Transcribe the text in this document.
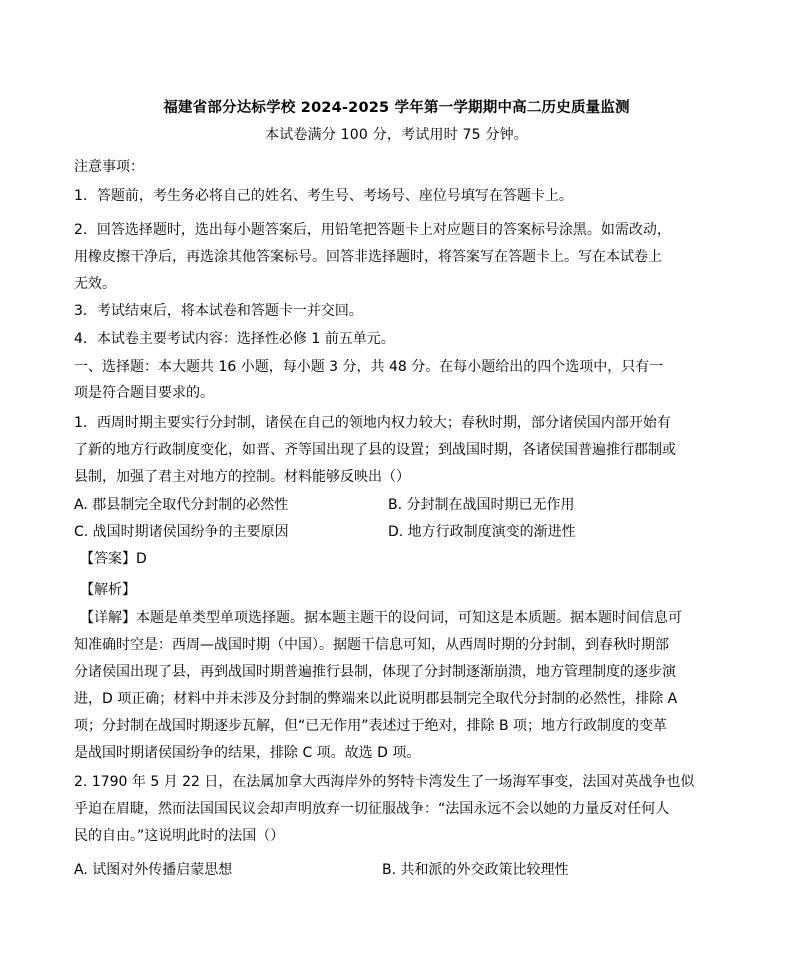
福建省部分达标学校 2024-2025 学年第一学期期中高二历史质量监测
本试卷满分 100 分，考试用时 75 分钟。
注意事项：
1．答题前，考生务必将自己的姓名、考生号、考场号、座位号填写在答题卡上。
2．回答选择题时，选出每小题答案后，用铅笔把答题卡上对应题目的答案标号涂黑。如需改动，
用橡皮擦干净后，再选涂其他答案标号。回答非选择题时，将答案写在答题卡上。写在本试卷上
无效。
3．考试结束后，将本试卷和答题卡一并交回。
4．本试卷主要考试内容：选择性必修 1 前五单元。
一、选择题：本大题共 16 小题，每小题 3 分，共 48 分。在每小题给出的四个选项中，只有一
项是符合题目要求的。
1．西周时期主要实行分封制，诸侯在自己的领地内权力较大；春秋时期，部分诸侯国内部开始有
了新的地方行政制度变化，如晋、齐等国出现了县的设置；到战国时期，各诸侯国普遍推行郡制或
县制，加强了君主对地方的控制。材料能够反映出（）
A. 郡县制完全取代分封制的必然性	B. 分封制在战国时期已无作用
C. 战国时期诸侯国纷争的主要原因	D. 地方行政制度演变的渐进性
【答案】D
【解析】
【详解】本题是单类型单项选择题。据本题主题干的设问词，可知这是本质题。据本题时间信息可
知准确时空是：西周—战国时期（中国）。据题干信息可知，从西周时期的分封制，到春秋时期部
分诸侯国出现了县，再到战国时期普遍推行县制，体现了分封制逐渐崩溃，地方管理制度的逐步演
进，D 项正确；材料中并未涉及分封制的弊端来以此说明郡县制完全取代分封制的必然性，排除 A
项；分封制在战国时期逐步瓦解，但“已无作用”表述过于绝对，排除 B 项；地方行政制度的变革
是战国时期诸侯国纷争的结果，排除 C 项。故选 D 项。
2. 1790 年 5 月 22 日，在法属加拿大西海岸外的努特卡湾发生了一场海军事变，法国对英战争也似
乎迫在眉睫，然而法国国民议会却声明放弃一切征服战争：“法国永远不会以她的力量反对任何人
民的自由。”这说明此时的法国（）
A. 试图对外传播启蒙思想	B. 共和派的外交政策比较理性
